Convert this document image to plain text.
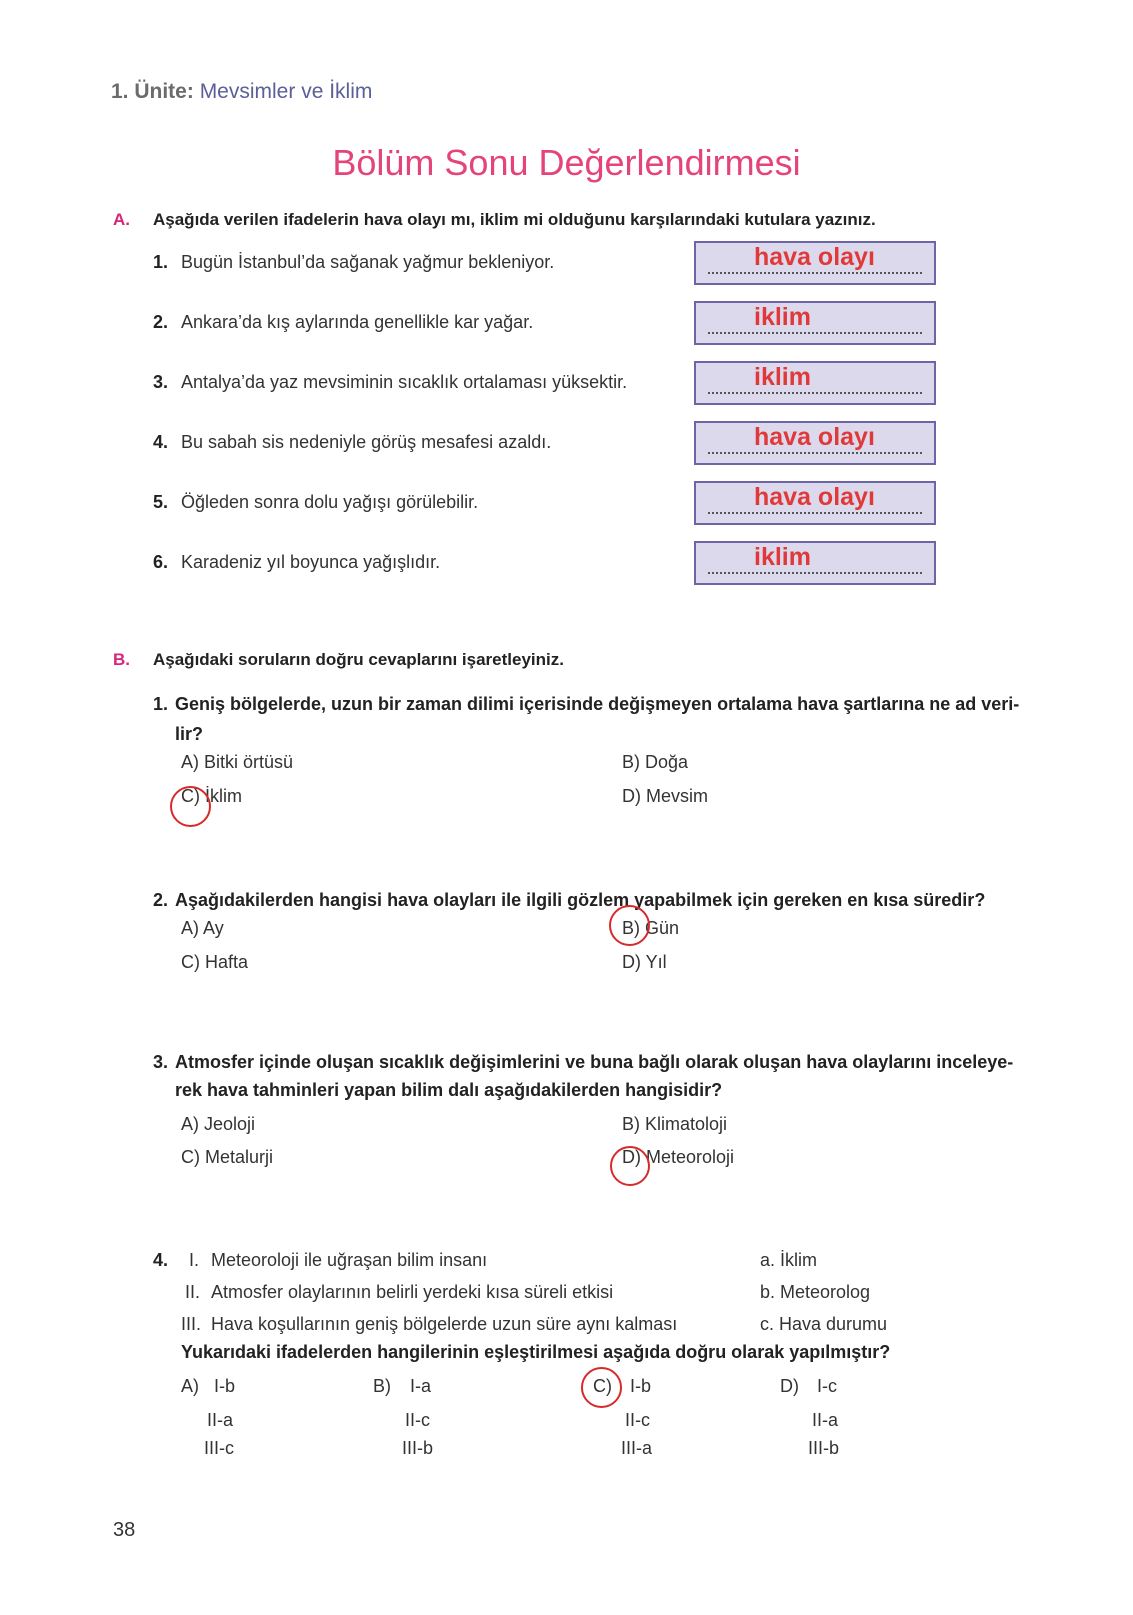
1. Ünite: Mevsimler ve İklim
Bölüm Sonu Değerlendirmesi
A. Aşağıda verilen ifadelerin hava olayı mı, iklim mi olduğunu karşılarındaki kutulara yazınız.
1. Bugün İstanbul’da sağanak yağmur bekleniyor.	hava olayı
2. Ankara’da kış aylarında genellikle kar yağar.	iklim
3. Antalya’da yaz mevsiminin sıcaklık ortalaması yüksektir.	iklim
4. Bu sabah sis nedeniyle görüş mesafesi azaldı.	hava olayı
5. Öğleden sonra dolu yağışı görülebilir.	hava olayı
6. Karadeniz yıl boyunca yağışlıdır.	iklim
B. Aşağıdaki soruların doğru cevaplarını işaretleyiniz.
1. Geniş bölgelerde, uzun bir zaman dilimi içerisinde değişmeyen ortalama hava şartlarına ne ad veri-
lir?
A) Bitki örtüsü	B) Doğa
C) İklim	D) Mevsim
2. Aşağıdakilerden hangisi hava olayları ile ilgili gözlem yapabilmek için gereken en kısa süredir?
A) Ay	B) Gün
C) Hafta	D) Yıl
3. Atmosfer içinde oluşan sıcaklık değişimlerini ve buna bağlı olarak oluşan hava olaylarını inceleye-
rek hava tahminleri yapan bilim dalı aşağıdakilerden hangisidir?
A) Jeoloji	B) Klimatoloji
C) Metalurji	D) Meteoroloji
4. I. Meteoroloji ile uğraşan bilim insanı	a. İklim
II. Atmosfer olaylarının belirli yerdeki kısa süreli etkisi	b. Meteorolog
III. Hava koşullarının geniş bölgelerde uzun süre aynı kalması	c. Hava durumu
Yukarıdaki ifadelerden hangilerinin eşleştirilmesi aşağıda doğru olarak yapılmıştır?
A) I-b
II-a
III-c
B) I-a
II-c
III-b
C) I-b
II-c
III-a
D) I-c
II-a
III-b
38
